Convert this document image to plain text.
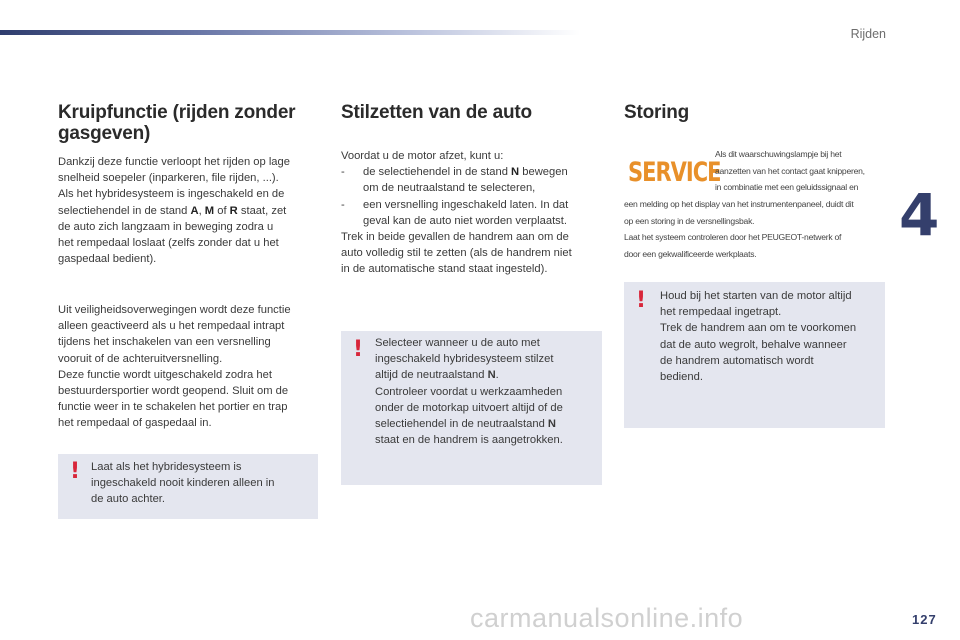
Rijden
4
127
carmanualsonline.info
Kruipfunctie (rijden zonder
gasgeven)

Dankzij deze functie verloopt het rijden op lage
snelheid soepeler (inparkeren, file rijden, ...).
Als het hybridesysteem is ingeschakeld en de
selectiehendel in de stand A, M of R staat, zet
de auto zich langzaam in beweging zodra u
het rempedaal loslaat (zelfs zonder dat u het
gaspedaal bedient).

Uit veiligheidsoverwegingen wordt deze functie
alleen geactiveerd als u het rempedaal intrapt
tijdens het inschakelen van een versnelling
vooruit of de achteruitversnelling.
Deze functie wordt uitgeschakeld zodra het
bestuurdersportier wordt geopend. Sluit om de
functie weer in te schakelen het portier en trap
het rempedaal of gaspedaal in.

! Laat als het hybridesysteem is
ingeschakeld nooit kinderen alleen in
de auto achter.
Stilzetten van de auto
Voordat u de motor afzet, kunt u:
-	de selectiehendel in de stand N bewegen
om de neutraalstand te selecteren,
-	een versnelling ingeschakeld laten. In dat
geval kan de auto niet worden verplaatst.
Trek in beide gevallen de handrem aan om de
auto volledig stil te zetten (als de handrem niet
in de automatische stand staat ingesteld).
! Selecteer wanneer u de auto met
ingeschakeld hybridesysteem stilzet
altijd de neutraalstand N.
Controleer voordat u werkzaamheden
onder de motorkap uitvoert altijd of de
selectiehendel in de neutraalstand N
staat en de handrem is aangetrokken.
Storing
SERVICE
Als dit waarschuwingslampje bij het
aanzetten van het contact gaat knipperen,
in combinatie met een geluidssignaal en
een melding op het display van het instrumentenpaneel, duidt dit
op een storing in de versnellingsbak.
Laat het systeem controleren door het PEUGEOT-netwerk of
door een gekwalificeerde werkplaats.
! Houd bij het starten van de motor altijd
het rempedaal ingetrapt.
Trek de handrem aan om te voorkomen
dat de auto wegrolt, behalve wanneer
de handrem automatisch wordt
bediend.
